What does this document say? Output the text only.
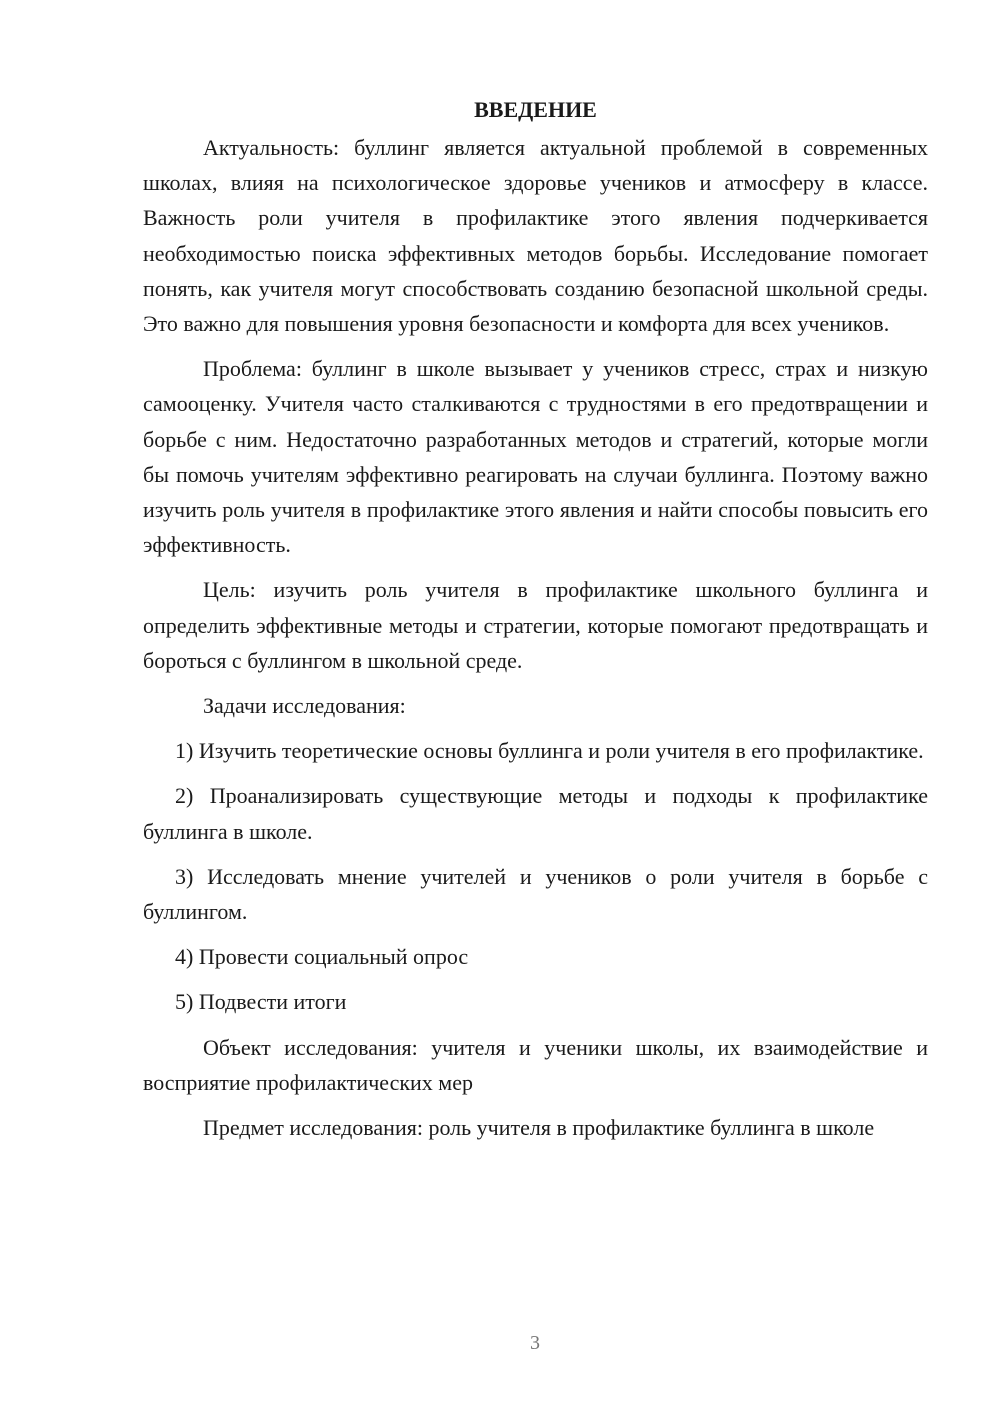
ВВЕДЕНИЕ

Актуальность: буллинг является актуальной проблемой в современных школах, влияя на психологическое здоровье учеников и атмосферу в классе. Важность роли учителя в профилактике этого явления подчеркивается необходимостью поиска эффективных методов борьбы. Исследование помогает понять, как учителя могут способствовать созданию безопасной школьной среды. Это важно для повышения уровня безопасности и комфорта для всех учеников.

Проблема: буллинг в школе вызывает у учеников стресс, страх и низкую самооценку. Учителя часто сталкиваются с трудностями в его предотвращении и борьбе с ним. Недостаточно разработанных методов и стратегий, которые могли бы помочь учителям эффективно реагировать на случаи буллинга. Поэтому важно изучить роль учителя в профилактике этого явления и найти способы повысить его эффективность.

Цель: изучить роль учителя в профилактике школьного буллинга и определить эффективные методы и стратегии, которые помогают предотвращать и бороться с буллингом в школьной среде.

Задачи исследования:

1) Изучить теоретические основы буллинга и роли учителя в его профилактике.

2) Проанализировать существующие методы и подходы к профилактике буллинга в школе.

3) Исследовать мнение учителей и учеников о роли учителя в борьбе с буллингом.

4) Провести социальный опрос

5) Подвести итоги

Объект исследования: учителя и ученики школы, их взаимодействие и восприятие профилактических мер

Предмет исследования: роль учителя в профилактике буллинга в школе

3
